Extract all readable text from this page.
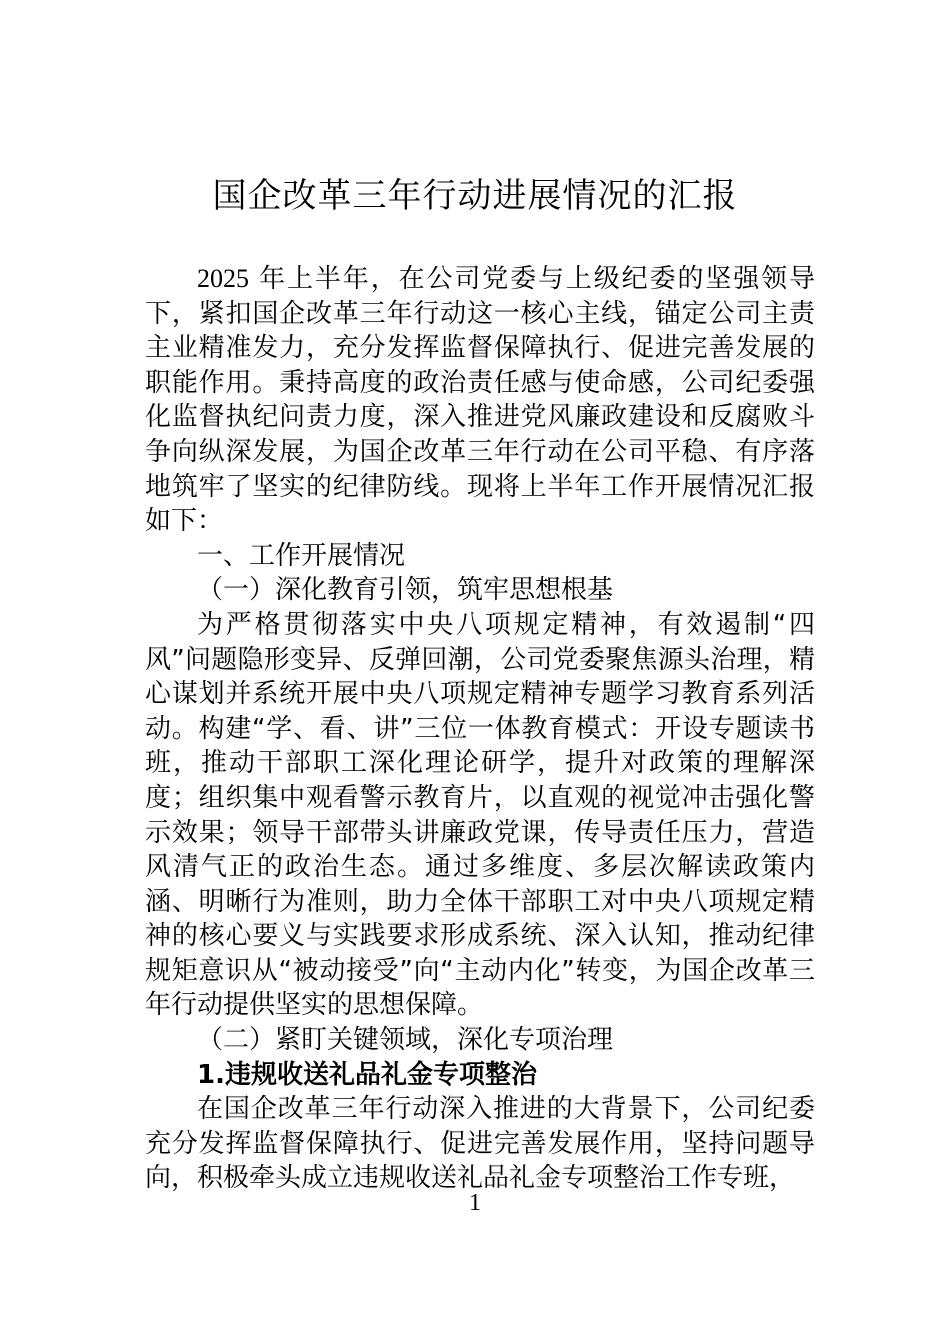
国企改革三年行动进展情况的汇报

2025 年上半年，在公司党委与上级纪委的坚强领导下，紧扣国企改革三年行动这一核心主线，锚定公司主责主业精准发力，充分发挥监督保障执行、促进完善发展的职能作用。秉持高度的政治责任感与使命感，公司纪委强化监督执纪问责力度，深入推进党风廉政建设和反腐败斗争向纵深发展，为国企改革三年行动在公司平稳、有序落地筑牢了坚实的纪律防线。现将上半年工作开展情况汇报如下：

一、工作开展情况

（一）深化教育引领，筑牢思想根基

为严格贯彻落实中央八项规定精神，有效遏制“四风”问题隐形变异、反弹回潮，公司党委聚焦源头治理，精心谋划并系统开展中央八项规定精神专题学习教育系列活动。构建“学、看、讲”三位一体教育模式：开设专题读书班，推动干部职工深化理论研学，提升对政策的理解深度；组织集中观看警示教育片，以直观的视觉冲击强化警示效果；领导干部带头讲廉政党课，传导责任压力，营造风清气正的政治生态。通过多维度、多层次解读政策内涵、明晰行为准则，助力全体干部职工对中央八项规定精神的核心要义与实践要求形成系统、深入认知，推动纪律规矩意识从“被动接受”向“主动内化”转变，为国企改革三年行动提供坚实的思想保障。

（二）紧盯关键领域，深化专项治理

1.违规收送礼品礼金专项整治

在国企改革三年行动深入推进的大背景下，公司纪委充分发挥监督保障执行、促进完善发展作用，坚持问题导向，积极牵头成立违规收送礼品礼金专项整治工作专班，

1
